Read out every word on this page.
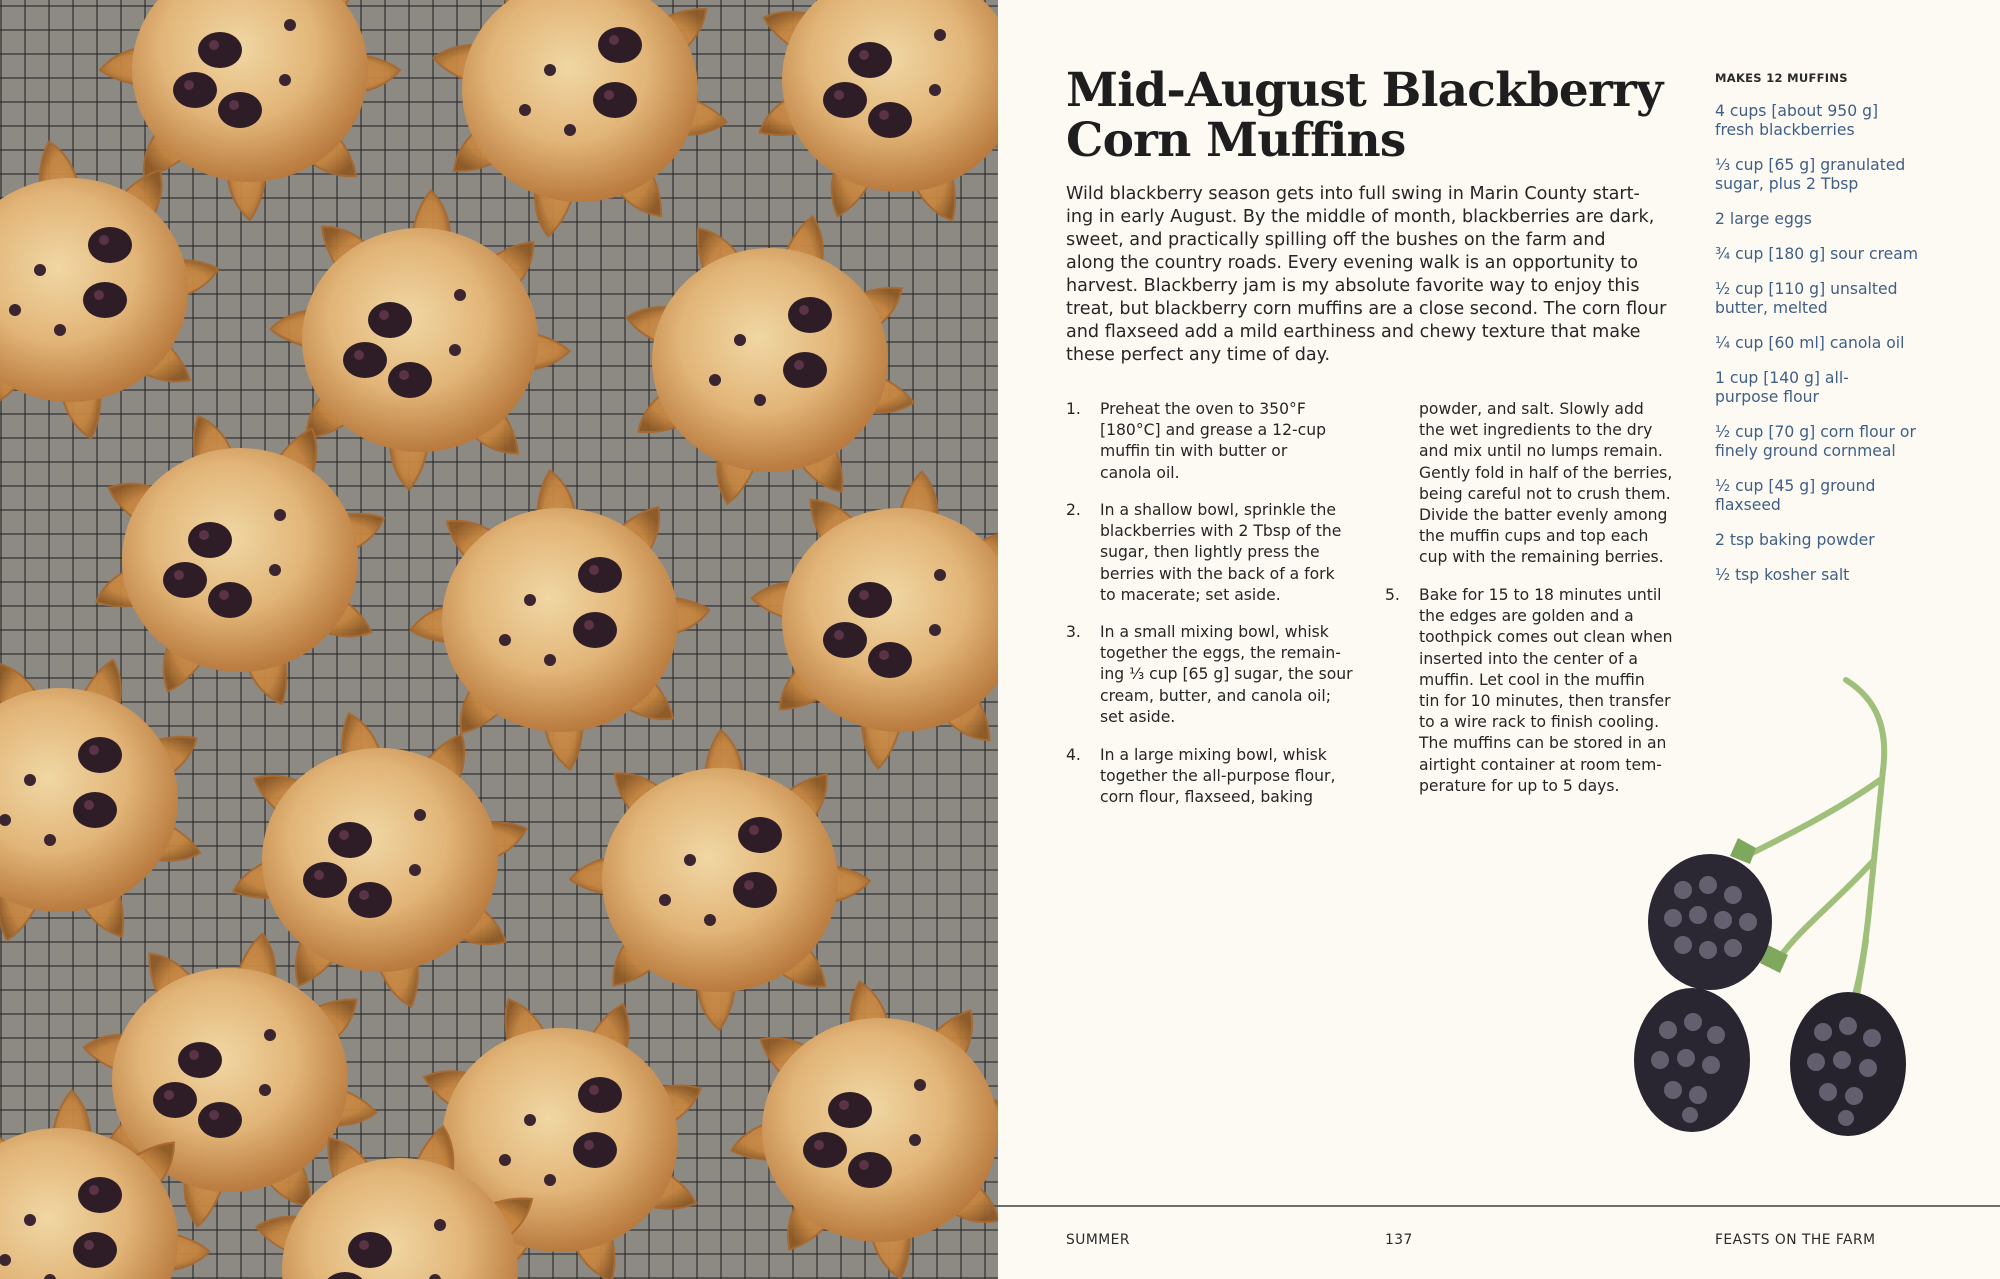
Mid-August Blackberry
Corn Muffins
Wild blackberry season gets into full swing in Marin County start-
ing in early August. By the middle of month, blackberries are dark,
sweet, and practically spilling off the bushes on the farm and
along the country roads. Every evening walk is an opportunity to
harvest. Blackberry jam is my absolute favorite way to enjoy this
treat, but blackberry corn muffins are a close second. The corn flour
and flaxseed add a mild earthiness and chewy texture that make
these perfect any time of day.
1. Preheat the oven to 350°F
[180°C] and grease a 12-cup
muffin tin with butter or
canola oil.
2. In a shallow bowl, sprinkle the
blackberries with 2 Tbsp of the
sugar, then lightly press the
berries with the back of a fork
to macerate; set aside.
3. In a small mixing bowl, whisk
together the eggs, the remain-
ing ⅓ cup [65 g] sugar, the sour
cream, butter, and canola oil;
set aside.
4. In a large mixing bowl, whisk
together the all-purpose flour,
corn flour, flaxseed, baking
powder, and salt. Slowly add
the wet ingredients to the dry
and mix until no lumps remain.
Gently fold in half of the berries,
being careful not to crush them.
Divide the batter evenly among
the muffin cups and top each
cup with the remaining berries.
5. Bake for 15 to 18 minutes until
the edges are golden and a
toothpick comes out clean when
inserted into the center of a
muffin. Let cool in the muffin
tin for 10 minutes, then transfer
to a wire rack to finish cooling.
The muffins can be stored in an
airtight container at room tem-
perature for up to 5 days.
MAKES 12 MUFFINS
4 cups [about 950 g]
fresh blackberries
⅓ cup [65 g] granulated
sugar, plus 2 Tbsp
2 large eggs
¾ cup [180 g] sour cream
½ cup [110 g] unsalted
butter, melted
¼ cup [60 ml] canola oil
1 cup [140 g] all-
purpose flour
½ cup [70 g] corn flour or
finely ground cornmeal
½ cup [45 g] ground
flaxseed
2 tsp baking powder
½ tsp kosher salt
SUMMER	137	FEASTS ON THE FARM
